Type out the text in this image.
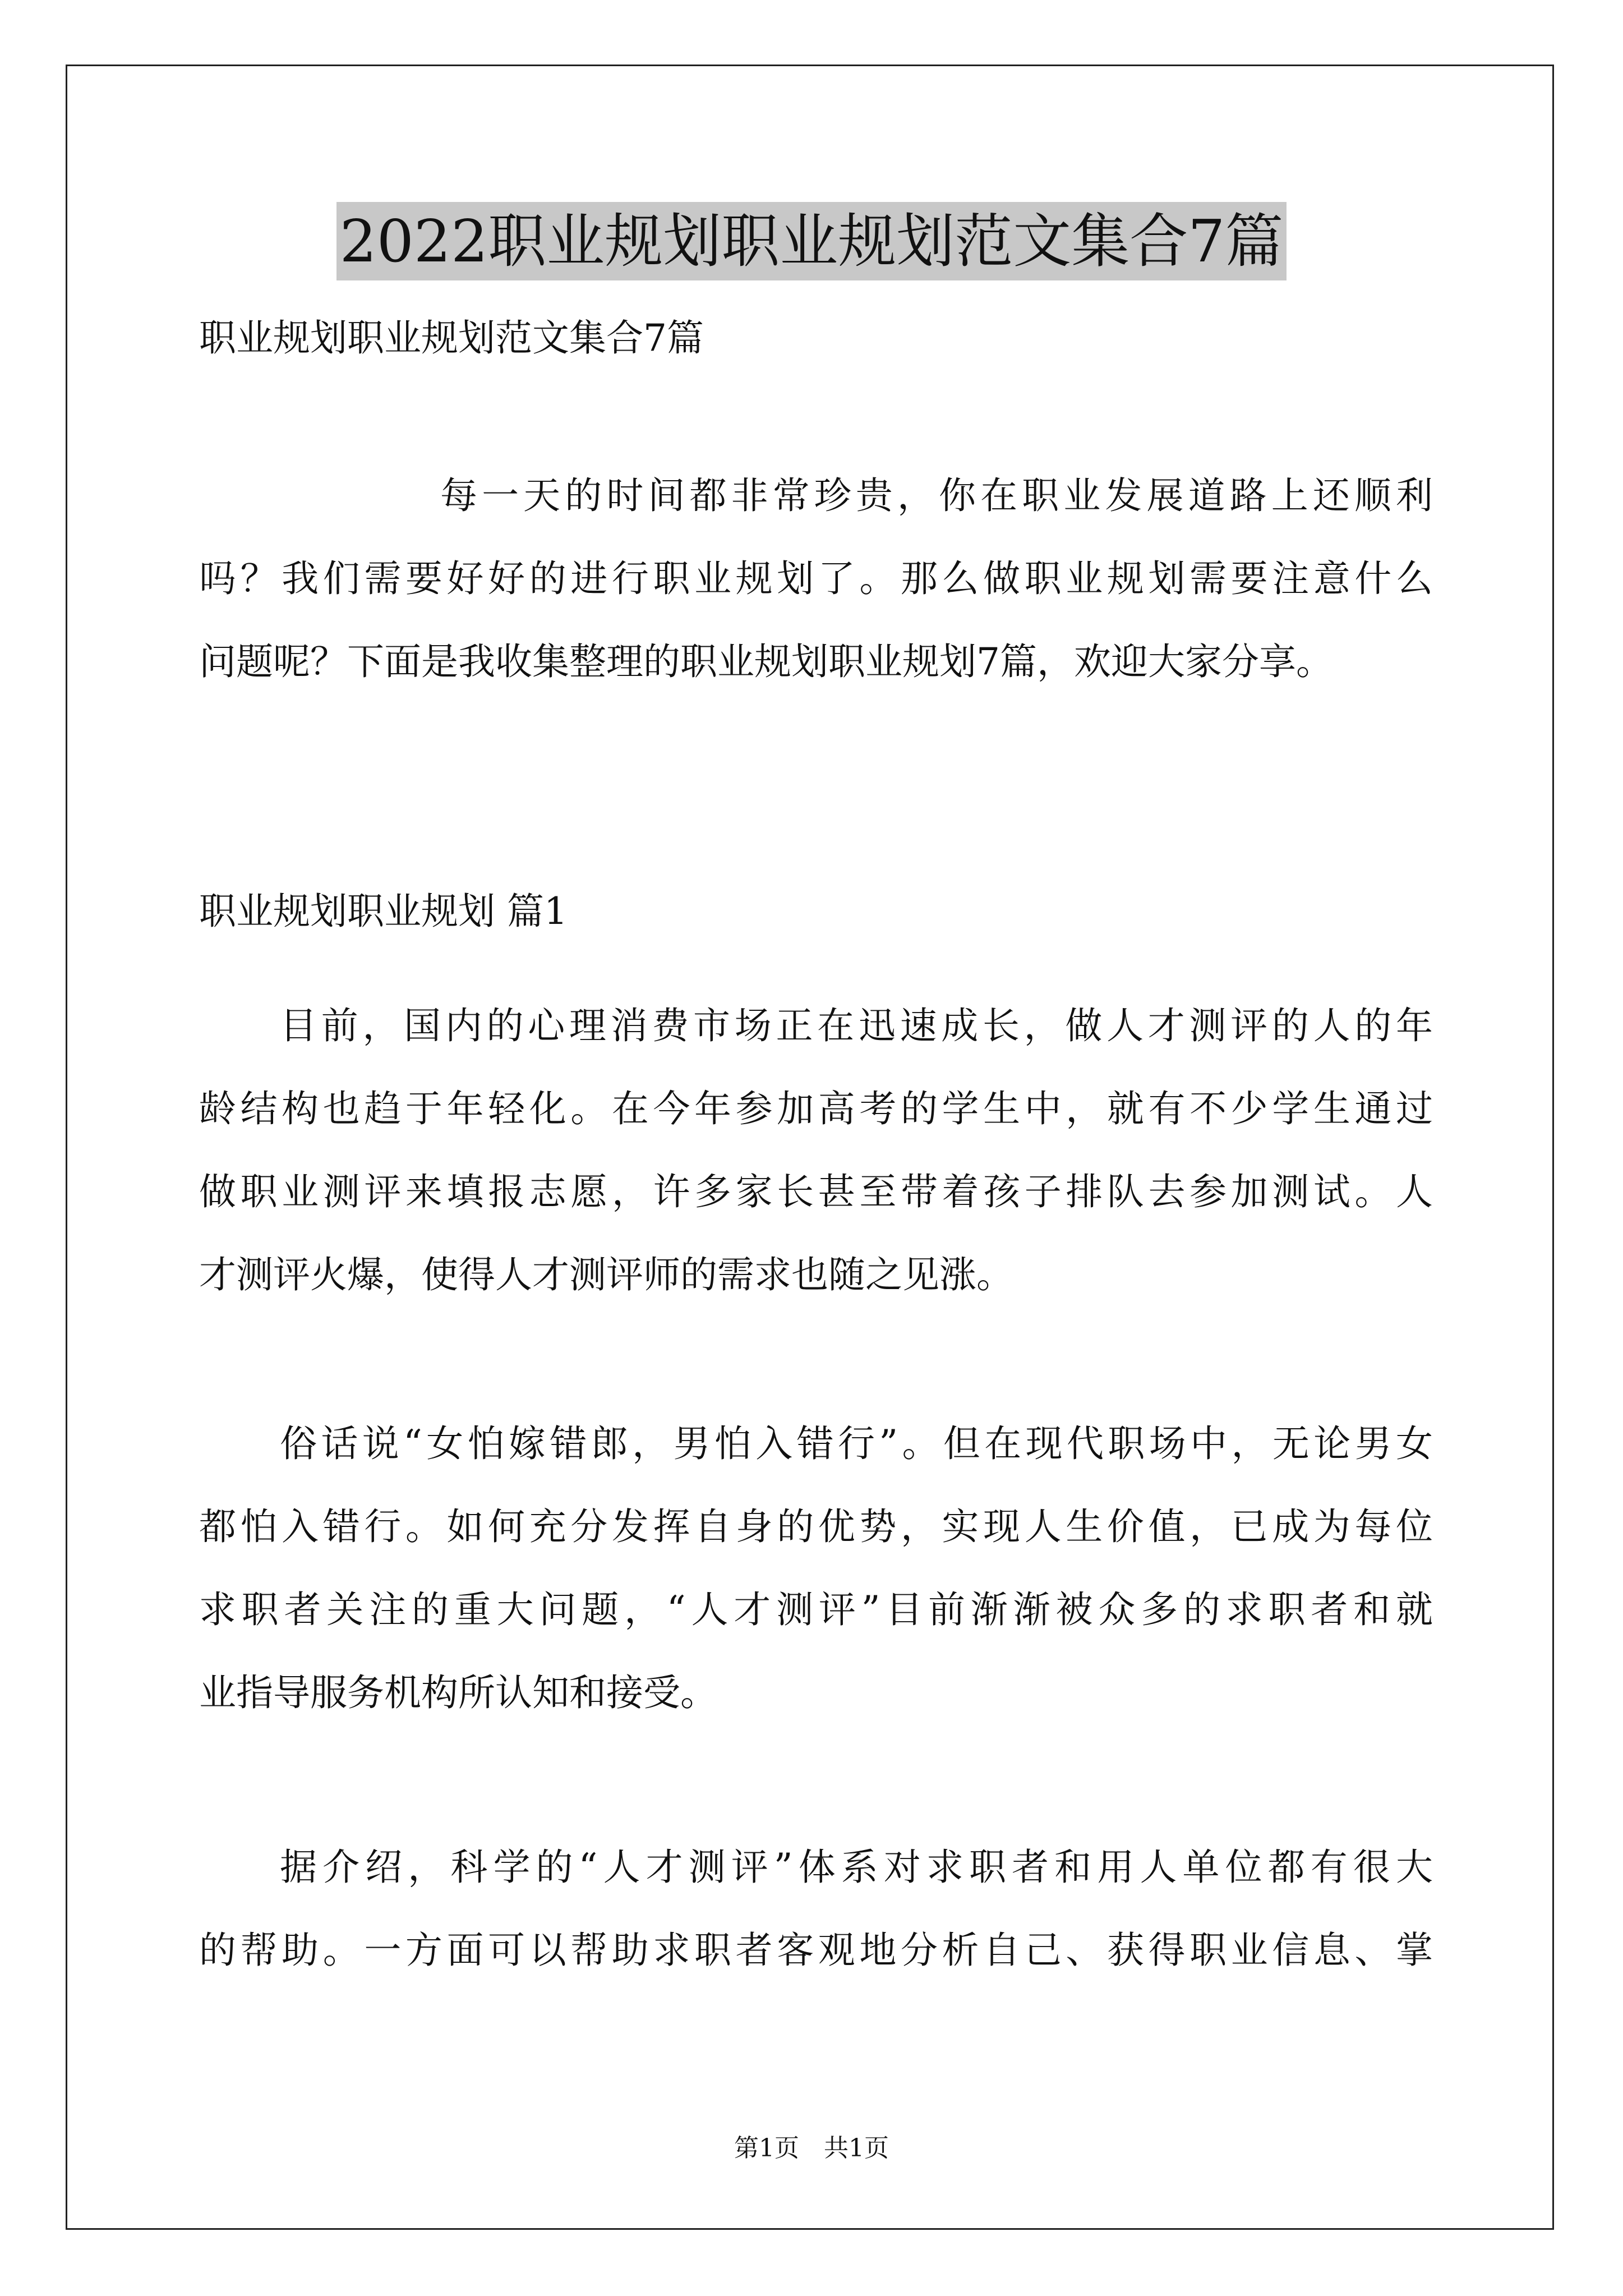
2022职业规划职业规划范文集合7篇
职业规划职业规划范文集合7篇
每一天的时间都非常珍贵，你在职业发展道路上还顺利
吗？我们需要好好的进行职业规划了。那么做职业规划需要注意什么
问题呢？下面是我收集整理的职业规划职业规划7篇，欢迎大家分享。
职业规划职业规划 篇1
目前，国内的心理消费市场正在迅速成长，做人才测评的人的年
龄结构也趋于年轻化。在今年参加高考的学生中，就有不少学生通过
做职业测评来填报志愿，许多家长甚至带着孩子排队去参加测试。人
才测评火爆，使得人才测评师的需求也随之见涨。
俗话说“女怕嫁错郎，男怕入错行”。但在现代职场中，无论男女
都怕入错行。如何充分发挥自身的优势，实现人生价值，已成为每位
求职者关注的重大问题，“人才测评”目前渐渐被众多的求职者和就
业指导服务机构所认知和接受。
据介绍，科学的“人才测评”体系对求职者和用人单位都有很大
的帮助。一方面可以帮助求职者客观地分析自己、获得职业信息、掌
第1页　共1页
